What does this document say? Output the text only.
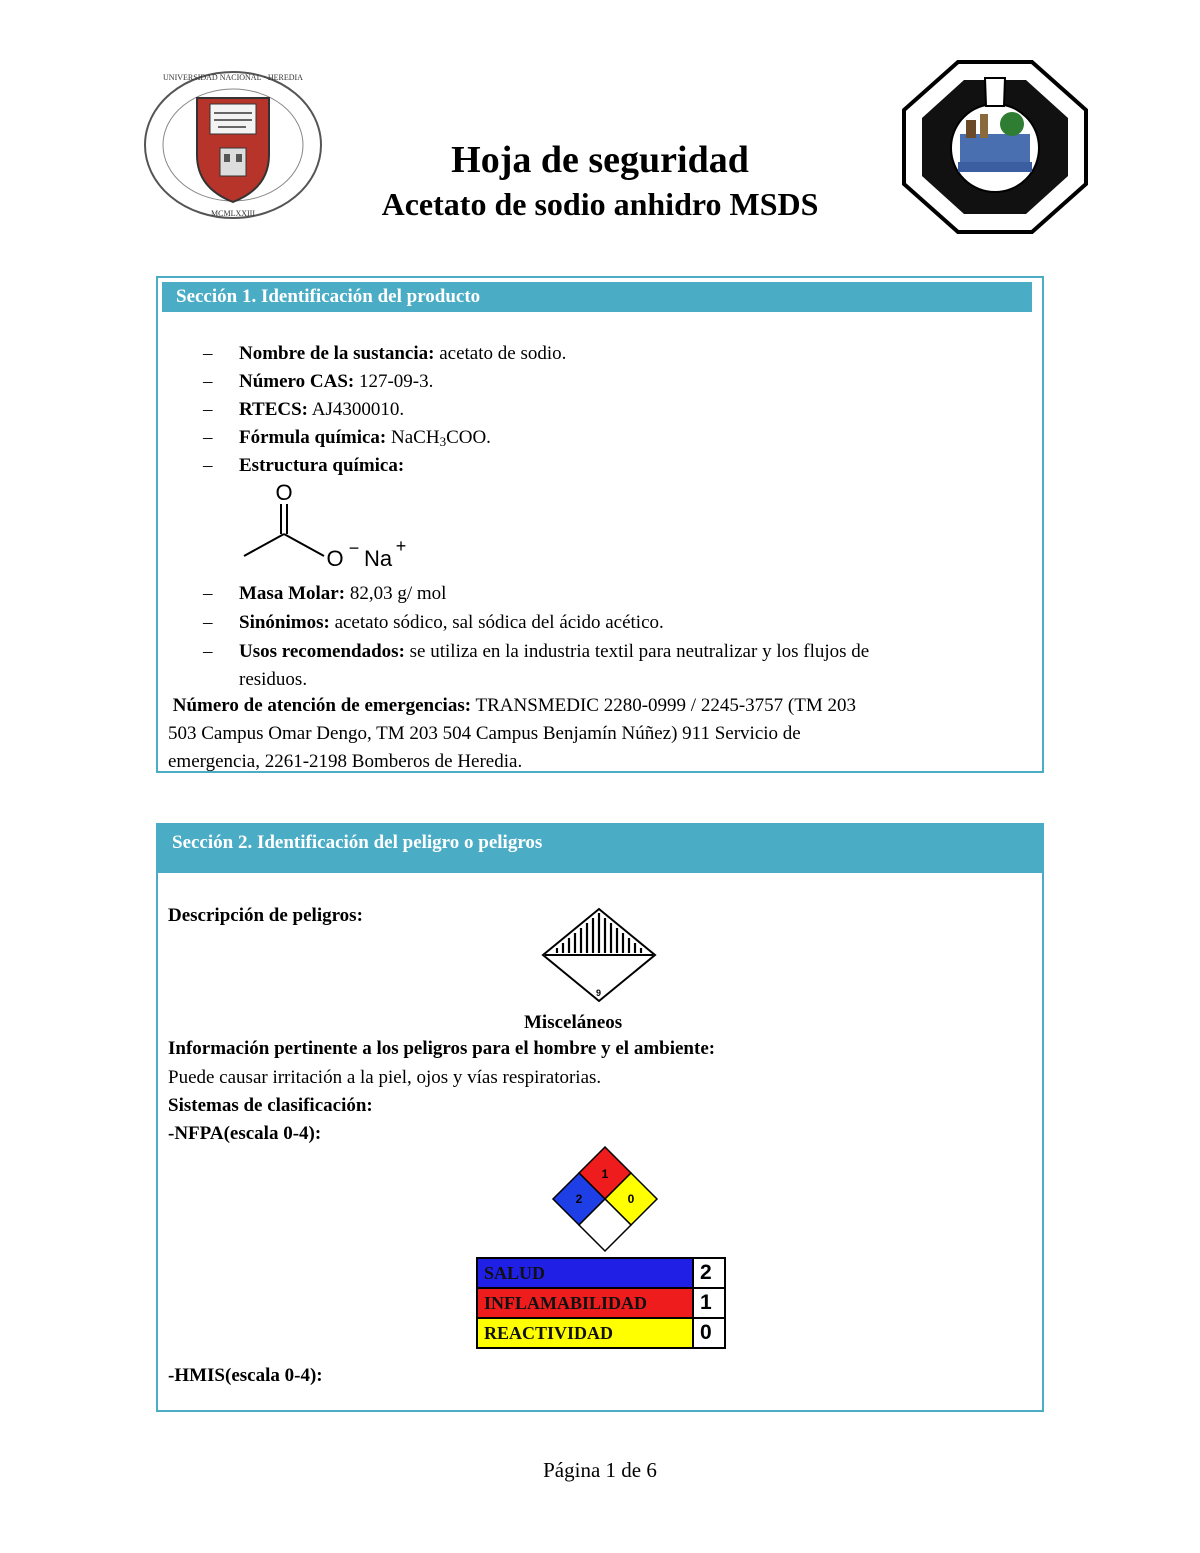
UNIVERSIDAD NACIONAL · HEREDIA
MCMLXXIII
Hoja de seguridad
Acetato de sodio anhidro MSDS
Sección 1. Identificación del producto
– Nombre de la sustancia: acetato de sodio.
– Número CAS: 127-09-3.
– RTECS: AJ4300010.
– Fórmula química: NaCH$_3$COO.
– Estructura química:
O
O − Na +
– Masa Molar: 82,03 g/ mol
– Sinónimos: acetato sódico, sal sódica del ácido acético.
– Usos recomendados: se utiliza en la industria textil para neutralizar y los flujos de
residuos.
Número de atención de emergencias: TRANSMEDIC 2280-0999 / 2245-3757 (TM 203
503 Campus Omar Dengo, TM 203 504 Campus Benjamín Núñez) 911 Servicio de
emergencia, 2261-2198 Bomberos de Heredia.
Sección 2. Identificación del peligro o peligros
Descripción de peligros:
9
Misceláneos
Información pertinente a los peligros para el hombre y el ambiente:
Puede causar irritación a la piel, ojos y vías respiratorias.
Sistemas de clasificación:
-NFPA(escala 0-4):
1
2	0
SALUD	2
INFLAMABILIDAD	1
REACTIVIDAD	0
-HMIS(escala 0-4):
Página 1 de 6
